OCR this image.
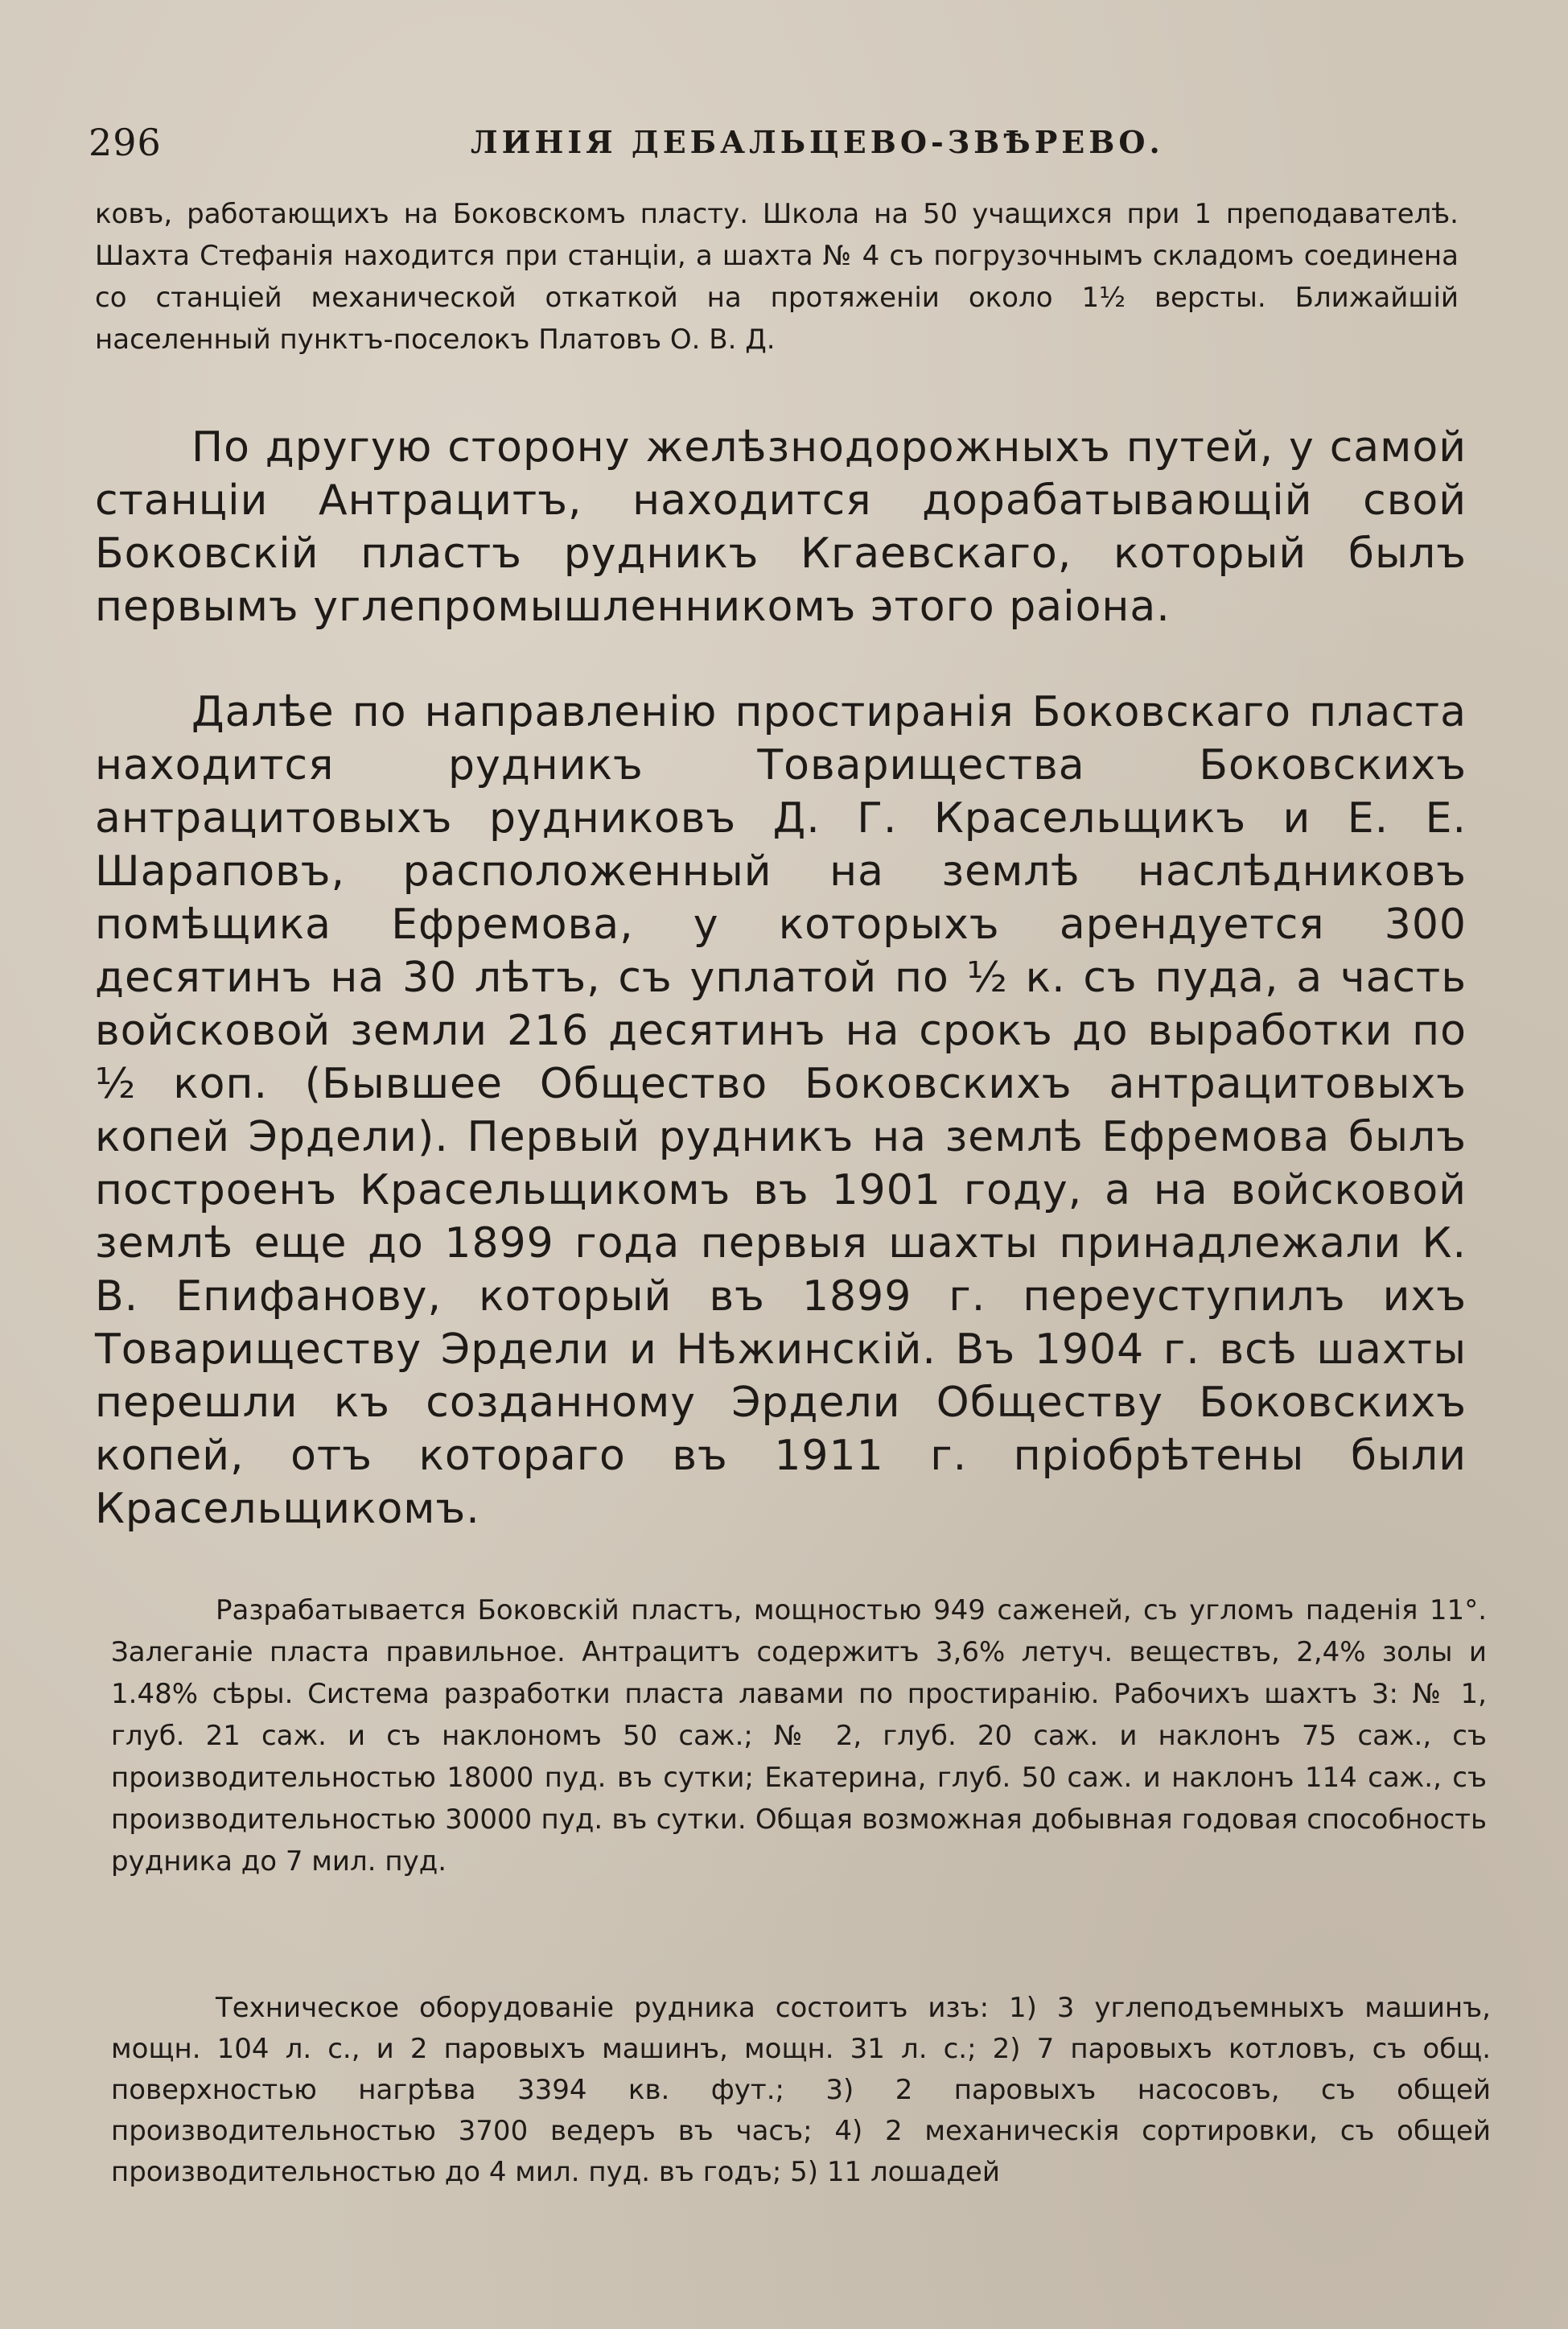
296	ЛИНІЯ ДЕБАЛЬЦЕВО-ЗВѢРЕВО.

ковъ, работающихъ на Боковскомъ пласту. Школа на 50 учащихся при 1 преподавателѣ. Шахта Стефанія находится при станціи, а шахта № 4 съ погрузочнымъ складомъ соединена со станціей механической откаткой на протяженіи около 1½ версты. Ближайшій населенный пунктъ-поселокъ Платовъ О. В. Д.

По другую сторону желѣзнодорожныхъ путей, у самой станціи Антрацитъ, находится дорабатывающій свой Боковскій пластъ рудникъ Кгаевскаго, который былъ первымъ углепромышленникомъ этого раіона.

Далѣе по направленію простиранія Боковскаго пласта находится рудникъ Товарищества Боковскихъ антрацитовыхъ рудниковъ Д. Г. Красельщикъ и Е. Е. Шараповъ, расположенный на землѣ наслѣдниковъ помѣщика Ефремова, у которыхъ арендуется 300 десятинъ на 30 лѣтъ, съ уплатой по ½ к. съ пуда, а часть войсковой земли 216 десятинъ на срокъ до выработки по ½ коп. (Бывшее Общество Боковскихъ антрацитовыхъ копей Эрдели). Первый рудникъ на землѣ Ефремова былъ построенъ Красельщикомъ въ 1901 году, а на войсковой землѣ еще до 1899 года первыя шахты принадлежали К. В. Епифанову, который въ 1899 г. переуступилъ ихъ Товариществу Эрдели и Нѣжинскій. Въ 1904 г. всѣ шахты перешли къ созданному Эрдели Обществу Боковскихъ копей, отъ котораго въ 1911 г. пріобрѣтены были Красельщикомъ.

Разрабатывается Боковскій пластъ, мощностью 949 саженей, съ угломъ паденія 11°. Залеганіе пласта правильное. Антрацитъ содержитъ 3,6% летуч. веществъ, 2,4% золы и 1.48% сѣры. Система разработки пласта лавами по простиранію. Рабочихъ шахтъ 3: № 1, глуб. 21 саж. и съ наклономъ 50 саж.; № 2, глуб. 20 саж. и наклонъ 75 саж., съ производительностью 18000 пуд. въ сутки; Екатерина, глуб. 50 саж. и наклонъ 114 саж., съ производительностью 30000 пуд. въ сутки. Общая возможная добывная годовая способность рудника до 7 мил. пуд.

Техническое оборудованіе рудника состоитъ изъ: 1) 3 углеподъемныхъ машинъ, мощн. 104 л. с., и 2 паровыхъ машинъ, мощн. 31 л. с.; 2) 7 паровыхъ котловъ, съ общ. поверхностью нагрѣва 3394 кв. фут.; 3) 2 паровыхъ насосовъ, съ общей производительностью 3700 ведеръ въ часъ; 4) 2 механическія сортировки, съ общей производительностью до 4 мил. пуд. въ годъ; 5) 11 лошадей
